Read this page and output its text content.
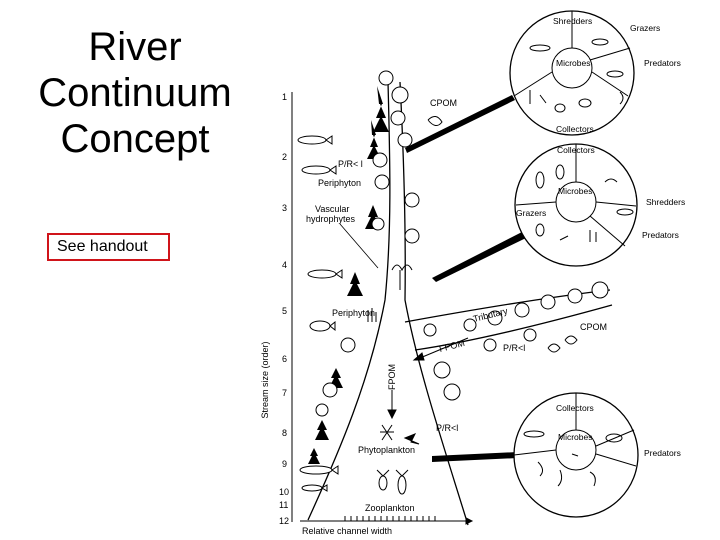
River
Continuum
Concept
See handout
Stream size (order)
1
2
3
4
5
6
7
8
9
10
11
12
Relative channel width
CPOM
P/R< l
Periphyton
Vascular
hydrophytes
Periphyton	Tributary
FPOM	P/R<l
CPOM
FPOM
P/R<l
Phytoplankton
Zooplankton
Shredders
Grazers
Microbes	Predators
Collectors
Collectors
Microbes
Shredders
Grazers
Predators
Collectors
Microbes
Predators
